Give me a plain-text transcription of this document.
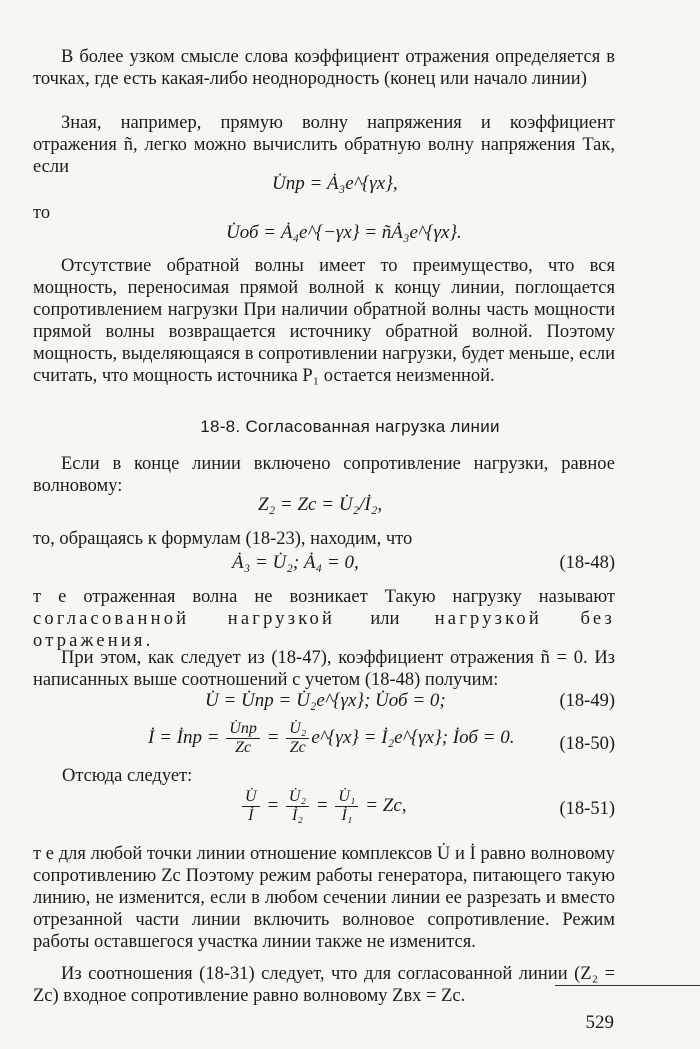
В более узком смысле слова коэффициент отражения определяется в точках, где есть какая-либо неоднородность (конец или начало линии)

Зная, например, прямую волну напряжения и коэффициент отражения ñ, легко можно вычислить обратную волну напряжения Так, если

U̇пр = Ȧ₃e^{γx},
то
U̇об = Ȧ₄e^{−γx} = ñȦ₃e^{γx}.

Отсутствие обратной волны имеет то преимущество, что вся мощность, переносимая прямой волной к концу линии, поглощается сопротивлением нагрузки При наличии обратной волны часть мощности прямой волны возвращается источнику обратной волной. Поэтому мощность, выделяющаяся в сопротивлении нагрузки, будет меньше, если считать, что мощность источника P₁ остается неизменной.

18-8. Согласованная нагрузка линии

Если в конце линии включено сопротивление нагрузки, равное волновому:

Z₂ = Zc = U̇₂/İ₂,

то, обращаясь к формулам (18-23), находим, что

Ȧ₃ = U̇₂; Ȧ₄ = 0,	(18-48)

т е отраженная волна не возникает Такую нагрузку называют согласованной нагрузкой или нагрузкой без отражения.

При этом, как следует из (18-47), коэффициент отражения ñ = 0. Из написанных выше соотношений с учетом (18-48) получим:

U̇ = U̇пр = U̇₂e^{γx}; U̇об = 0;	(18-49)
İ = İпр = $\frac{U̇пр}{Zc} = \frac{\text{U̇₂}}{Zc}$ e^{γx} = İ₂e^{γx}; İоб = 0. (18-50)
Отсюда следует:
$\frac{U̇}{İ} = \frac{\text{U̇₂}}{\text{İ₂}} = \frac{\text{U̇₁}}{\text{İ₁}} = Zc$,	(18-51)

т е для любой точки линии отношение комплексов U̇ и İ равно волновому сопротивлению Zc Поэтому режим работы генератора, питающего такую линию, не изменится, если в любом сечении линии ее разрезать и вместо отрезанной части линии включить волновое сопротивление. Режим работы оставшегося участка линии также не изменится.

Из соотношения (18-31) следует, что для согласованной линии (Z₂ = Zc) входное сопротивление равно волновому Zвх = Zc.

529
